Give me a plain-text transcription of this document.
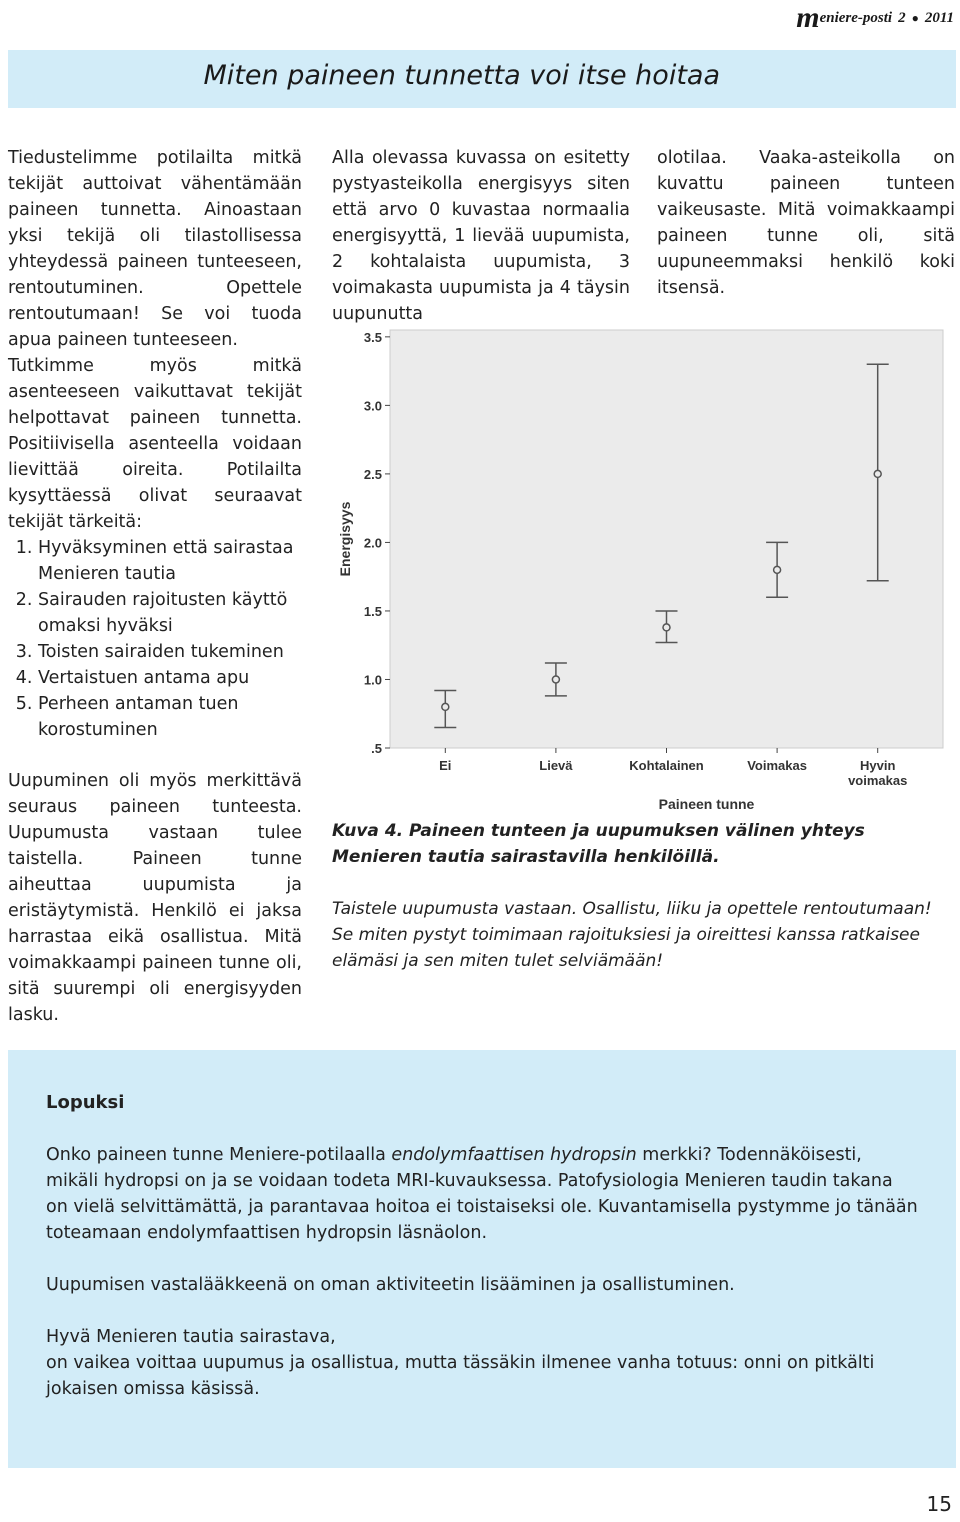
m eniere-posti 2 ● 2011
Miten paineen tunnetta voi itse hoitaa

Tiedustelimme potilailta mitkä tekijät auttoivat vähentämään paineen tunnetta. Ainoastaan yksi tekijä oli tilastollisessa yhteydessä paineen tunteeseen, rentoutuminen. Opettele rentoutumaan! Se voi tuoda apua paineen tunteeseen.

Tutkimme myös mitkä asenteeseen vaikuttavat tekijät helpottavat paineen tunnetta. Positiivisella asenteella voidaan lievittää oireita. Potilailta kysyttäessä olivat seuraavat tekijät tärkeitä:

1. Hyväksyminen että sairastaa Menieren tautia
2. Sairauden rajoitusten käyttö omaksi hyväksi
3. Toisten sairaiden tukeminen
4. Vertaistuen antama apu
5. Perheen antaman tuen korostuminen

Uupuminen oli myös merkittävä seuraus paineen tunteesta. Uupumusta vastaan tulee taistella. Paineen tunne aiheuttaa uupumista ja eristäytymistä. Henkilö ei jaksa harrastaa eikä osallistua. Mitä voimakkaampi paineen tunne oli, sitä suurempi oli energisyyden lasku.

Alla olevassa kuvassa on esitetty pystyasteikolla energisyys siten että arvo 0 kuvastaa normaalia energisyyttä, 1 lievää uupumista, 2 kohtalaista uupumista, 3 voimakasta uupumista ja 4 täysin uupunutta

olotilaa. Vaaka-asteikolla on kuvattu paineen tunteen vaikeusaste. Mitä voimakkaampi paineen tunne oli, sitä uupuneemmaksi henkilö koki itsensä.

.5
1.0
1.5
2.0
2.5
3.0
3.5
Energisyys
Ei	Lievä	Kohtalainen	Voimakas	Hyvin voimakas
Paineen tunne

Kuva 4. Paineen tunteen ja uupumuksen välinen yhteys Menieren tautia sairastavilla henkilöillä.

Taistele uupumusta vastaan. Osallistu, liiku ja opettele rentoutumaan! Se miten pystyt toimimaan rajoituksiesi ja oireittesi kanssa ratkaisee elämäsi ja sen miten tulet selviämään!

Lopuksi

Onko paineen tunne Meniere-potilaalla endolymfaattisen hydropsin merkki? Todennäköisesti, mikäli hydropsi on ja se voidaan todeta MRI-kuvauksessa. Patofysiologia Menieren taudin takana on vielä selvittämättä, ja parantavaa hoitoa ei toistaiseksi ole. Kuvantamisella pystymme jo tänään toteamaan endolymfaattisen hydropsin läsnäolon.

Uupumisen vastalääkkeenä on oman aktiviteetin lisääminen ja osallistuminen.

Hyvä Menieren tautia sairastava,
on vaikea voittaa uupumus ja osallistua, mutta tässäkin ilmenee vanha totuus: onni on pitkälti jokaisen omissa käsissä.

15
